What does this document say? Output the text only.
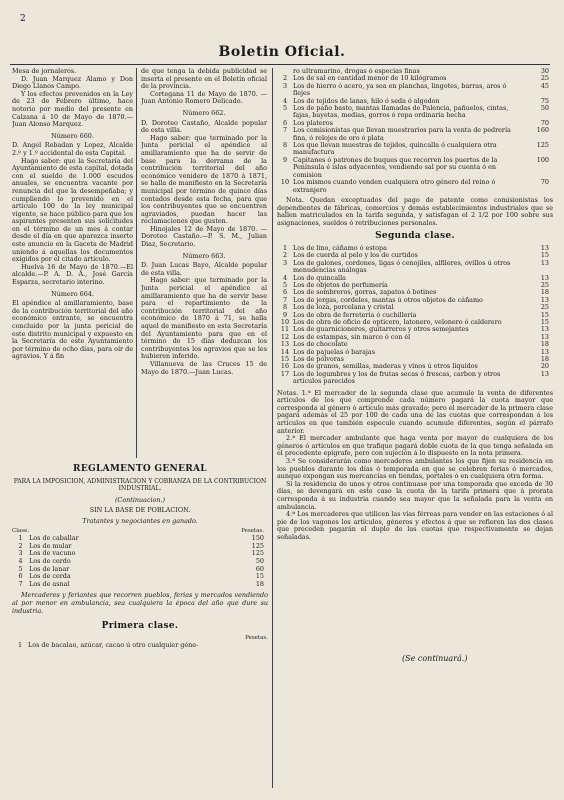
2
Boletin Oficial.

Mesa de jornaleros.

D. Juan Marquez Alamo y Don Diego Llanos Campo.

Y los efectos prevenidos en la Ley de 23 de Febrero último, hace notorio por medio del presente en Calzana á 10 de Mayo de 1870.—Juan Alonso Marquez.

Número 660.

D. Angel Rebadan y Lopez, Alcalde 2.º y 1.º accidental de esta Capital.

Hago saber: que la Secretaría del Ayuntamiento de esta capital, dotada con el sueldo de 1.000 escudos anuales, se encuentra vacante por renuncia del que la desempeñaba; y cumpliendo lo prevenido en el artículo 100 de la ley municipal vigente, se hace público para que los aspirantes presenten sus solicitudes en el término de un mes á contar desde el día en que aparezca inserto este anuncio en la Gaceta de Madrid uniendo á aquellas los documentos exigidos por el citado artículo.

Huelva 16 de Mayo de 1870.—El alcalde.—P. A. D. A., José García Esparza, secretario interino.

Número 664.

El apéndice al amillaramiento, base de la contribución territorial del año económico entrante, se encuentra concluido por la junta pericial de este distrito municipal y expuesto en la Secretaría de este Ayuntamiento por término de ocho días, para oír de agravios. Y á fin

de que tenga la debida publicidad se inserta el presente en el Boletín oficial de la provincia.

Cortegana 11 de Mayo de 1870. —Juan Antonio Romero Delicado.

Número 662.

D. Doroteo Castaño, Alcalde popular de esta villa.

Hago saber: que terminado por la Junta pericial el apéndice al amillaramiento que ha de servir de base para la derrama de la contribución territorial del año económico venidero de 1870 á 1871, se halla de manifiesto en la Secretaría municipal por término de quince días contados desde esta fecha, para que los contribuyentes que se encuentren agraviados, puedan hacer las reclamaciones que gusten.

Hinojales 12 de Mayo de 1870. —Doroteo Castaño.—P. S. M., Julian Diaz, Secretario.

Número 663.

D. Juan Lucas Bayo, Alcalde popular de esta villa.

Hago saber: que terminado por la Junta pericial el apéndice al amillaramiento que ha de servir base para el repartimiento de la contribución territorial del año económico de 1870 á 71, se halla aquel de manifiesto en esta Secretaría del Ayuntamiento para que en el término de 15 días deduzcan los contribuyentes los agravios que se les hubieren inferido.

Villanueva de las Cruces 15 de Mayo de 1870.—Juan Lucas.

REGLAMENTO GENERAL

PARA LA IMPOSICION, ADMINISTRACION Y COBRANZA DE LA CONTRIBUCION INDUSTRIAL.

(Continuacion.)

SIN LA BASE DE POBLACION.

Tratantes y negociantes en ganado.

Clase.		Pesetas.
1	Los de caballar	150
2	Los de mular	125
3	Los de vacuno	125
4	Los de cerdo	50
5	Los de lanar	60
6	Los de cerda	15
7	Los de asnal	18

Mercaderes y feriantes que recorren pueblos, ferias y mercados vendiendo al por menor en ambulancia, sea cualquiera la época del año que dure su industria.

Primera clase.

Pesetas.

1	Los de bacalao, azúcar, cacao ú otro cualquier géne-
	ro ultramarino, drogas ó especias finas	30
2	Los de sal en cantidad menor de 10 kilógramos	25
3	Los de hierro ó acero, ya sea en planchas, lingotes, barras, aros ó flejes	45
4	Los de tejidos de lanas, hilo ó seda ó algodon	75
5	Los de paño basto, mantas llamadas de Palencia, pañuelos, cintas, fajas, bayetas, medias, gorros ó ropa ordinaria hecha	50
6	Los plateros	70
7	Los comisionistas que llevan muestrarios para la venta de pedrería fina, ó relojes de oro ó plata	160
8	Los que llevan muestras de tejidos, quincalla ó cualquiera otra manufactura	125
9	Capitanes ó patrones de buques que recorren los puertos de la Península é islas adyacentes, vendiendo sal por su cuenta ó en comision	100
10	Los mismos cuando venden cualquiera otro género del reino ó extranjero	70

Nota. Quedan exceptuados del pago de patente como comisionistas los dependientes de fábricas, comercios y demás establecimientos industriales que se hallen matriculados en la tarifa segunda, y satisfagan el 2 1/2 por 100 sobre sus asignaciones, sueldos ó retribuciones personales.

Segunda clase.

1	Los de lino, cáñamo ó estopa	13
2	Los de cuerda al pelo y los de curtidos	15
3	Los de galones, cordones, ligas ó cenojiles, alfileres, ovillos ú otros menudencias análogas	13
4	Los de quincalla	13
5	Los de objetos de perfumería	25
6	Los de sombreros, gorras, zapatos ó botines	18
7	Los de jergas, cordeles, mantas ú otros objetos de cáñamo	13
8	Los de loza, porcelana y cristal	25
9	Los de obra de ferretería ó cuchillería	15
10	Los de obra de oficio de opticero, latonero, velonero ó calderero	15
11	Los de guarnicioneros, guitarreros y otros semejantes	13
12	Los de estampas, sin marco ó con él	13
13	Los de chocolate	18
14	Los de pajuelas ó barajas	13
15	Los de pólvoras	18
16	Los de granos, semillas, maderas y vinos ú otros líquidos	20
17	Los de legumbres y los de frutas secas ó frescas, carbon y otros artículos parecidos	13

Notas. 1.ª El mercader de la segunda clase que acumule la venta de diferentes artículos de los que comprende cada número pagará la cuota mayor que corresponda al género ó artículo más gravado; pero el mercader de la primera clase pagará además el 25 por 100 de cada una de las cuotas que correspondan á los artículos en que también especule cuando acumule diferentes, según el párrafo anterior.

2.ª El mercader ambulante que haga venta por mayor de cualquiera de los géneros ó artículos en que trafique pagará doble cuota de la que tenga señalada en el precedente epígrafe, pero con sujeción á lo dispuesto en la nota primera.

3.ª Se considerarán como mercaderes ambulantes los que fijen su residencia en los pueblos durante los días ó temporada en que se celebren ferias ó mercados, aunque expongan sus mercancías en tiendas, portales ó en cualquiera otra forma.

Si la residencia de unos y otros continuase por una temporada que exceda de 30 días, se devengará en este caso la cuota de la tarifa primera que á prorata corresponda á su industria cuando sea mayor que la señalada para la venta en ambulancia.

4.ª Los mercaderes que utilicen las vías férreas para vender en las estaciones ó al pie de los vagones los artículos, géneros y efectos á que se refieren las dos clases que preceden pagarán el duplo de las cuotas que respectivamente se dejan señaladas.

(Se continuará.)
